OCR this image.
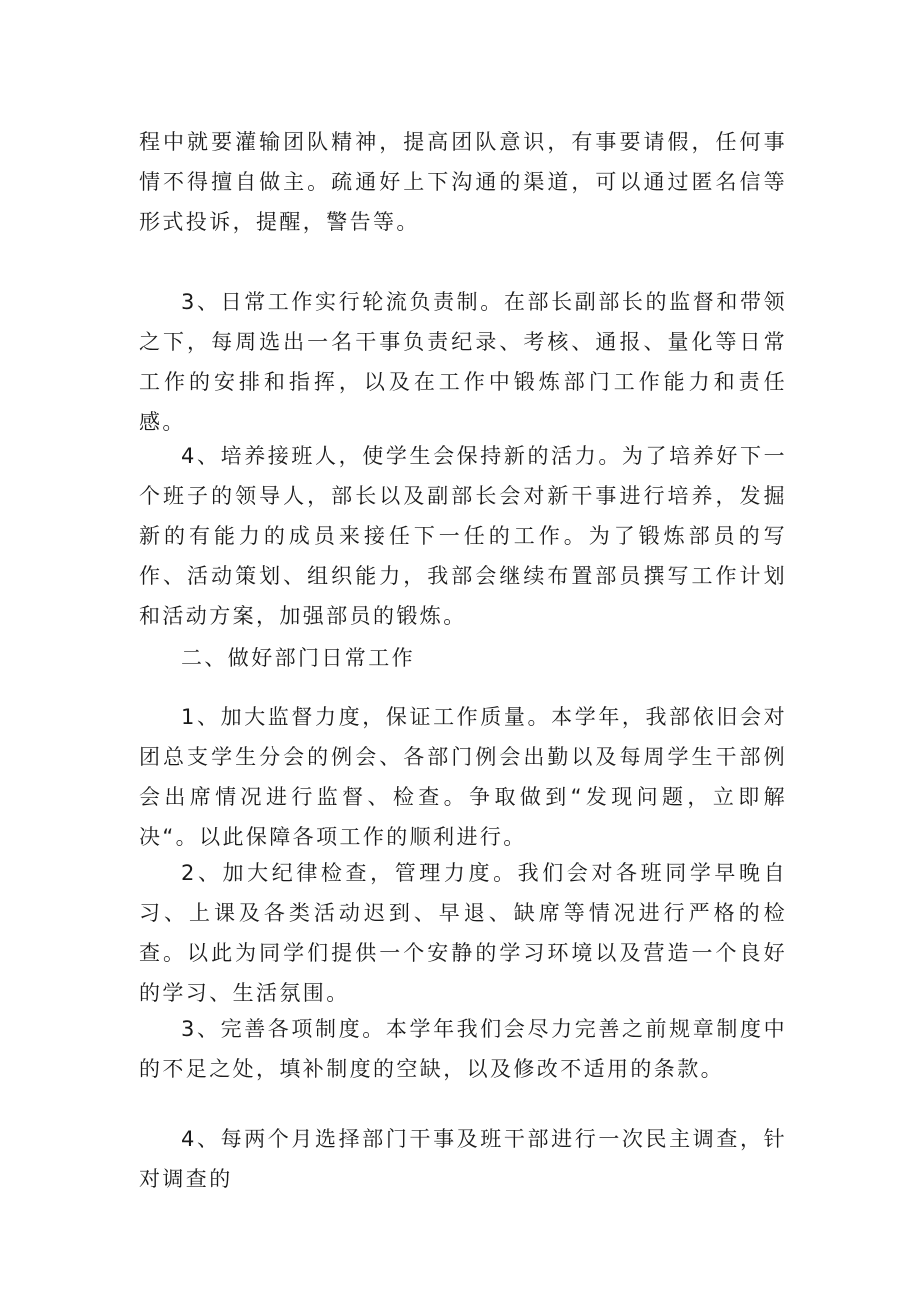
程中就要灌输团队精神，提高团队意识，有事要请假，任何事情不得擅自做主。疏通好上下沟通的渠道，可以通过匿名信等形式投诉，提醒，警告等。

3、日常工作实行轮流负责制。在部长副部长的监督和带领之下，每周选出一名干事负责纪录、考核、通报、量化等日常工作的安排和指挥，以及在工作中锻炼部门工作能力和责任感。

4、培养接班人，使学生会保持新的活力。为了培养好下一个班子的领导人，部长以及副部长会对新干事进行培养，发掘新的有能力的成员来接任下一任的工作。为了锻炼部员的写作、活动策划、组织能力，我部会继续布置部员撰写工作计划和活动方案，加强部员的锻炼。

二、做好部门日常工作

1、加大监督力度，保证工作质量。本学年，我部依旧会对团总支学生分会的例会、各部门例会出勤以及每周学生干部例会出席情况进行监督、检查。争取做到“发现问题，立即解决“。以此保障各项工作的顺利进行。

2、加大纪律检查，管理力度。我们会对各班同学早晚自习、上课及各类活动迟到、早退、缺席等情况进行严格的检查。以此为同学们提供一个安静的学习环境以及营造一个良好的学习、生活氛围。

3、完善各项制度。本学年我们会尽力完善之前规章制度中的不足之处，填补制度的空缺，以及修改不适用的条款。

4、每两个月选择部门干事及班干部进行一次民主调查，针对调查的
